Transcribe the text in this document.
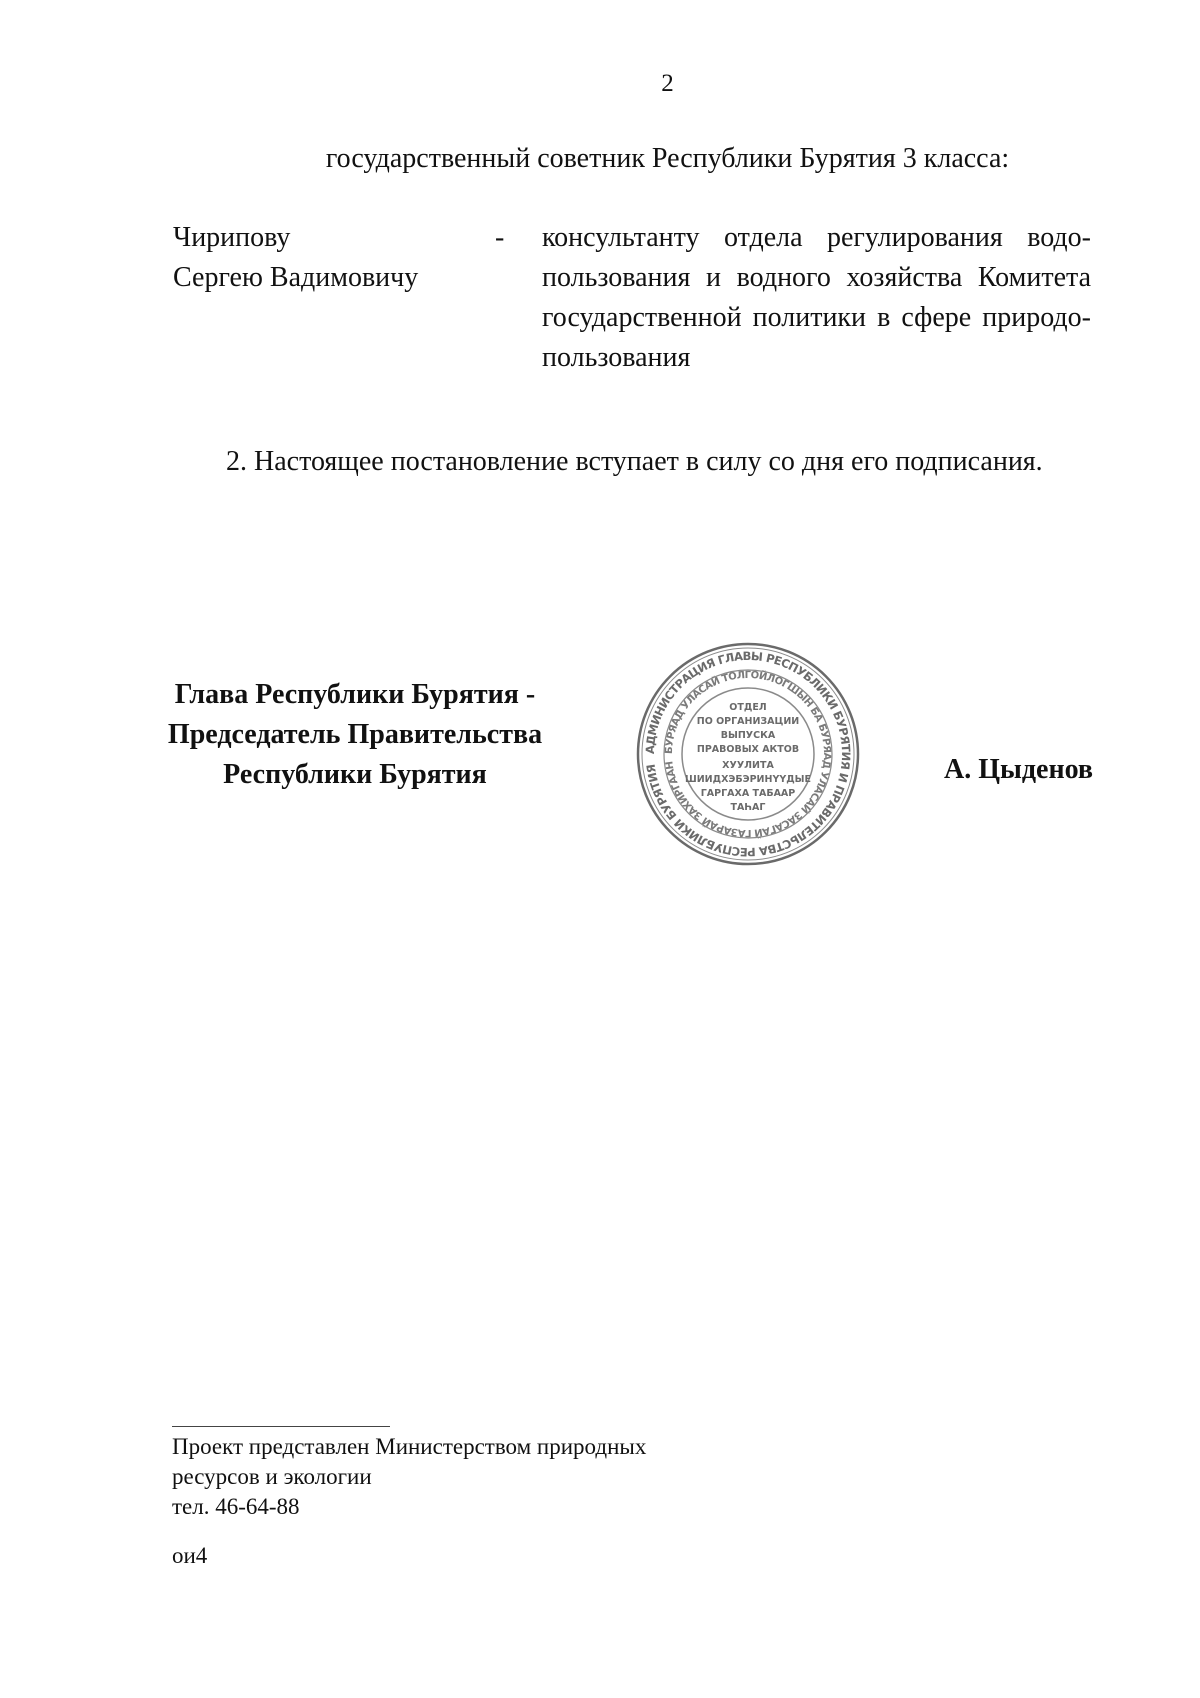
2
государственный советник Республики Бурятия 3 класса:
Чирипову
Сергею Вадимовичу
- консультанту отдела регулирования водо-
пользования и водного хозяйства Комитета
государственной политики в сфере природо-
пользования
2. Настоящее постановление вступает в силу со дня его подписания.
Глава Республики Бурятия -
Председатель Правительства
Республики Бурятия
АДМИНИСТРАЦИЯ ГЛАВЫ РЕСПУБЛИКИ БУРЯТИЯ И ПРАВИТЕЛЬСТВА РЕСПУБЛИКИ БУРЯТИЯ
БУРЯАД УЛАСАЙ ТОЛГОЙЛОГШЫН БА БУРЯАД УЛАСАЙ ЗАСАГАЙ ГАЗАРАЙ ЗАХИРГААН
ОТДЕЛ
ПО ОРГАНИЗАЦИИ
ВЫПУСКА
ПРАВОВЫХ АКТОВ
ХУУЛИТА
ШИИДХЭБЭРИНҮҮДЫЕ
ГАРГАХА ТАБААР
ТАҺАГ
А. Цыденов
Проект представлен Министерством природных
ресурсов и экологии
тел. 46-64-88
ои4
